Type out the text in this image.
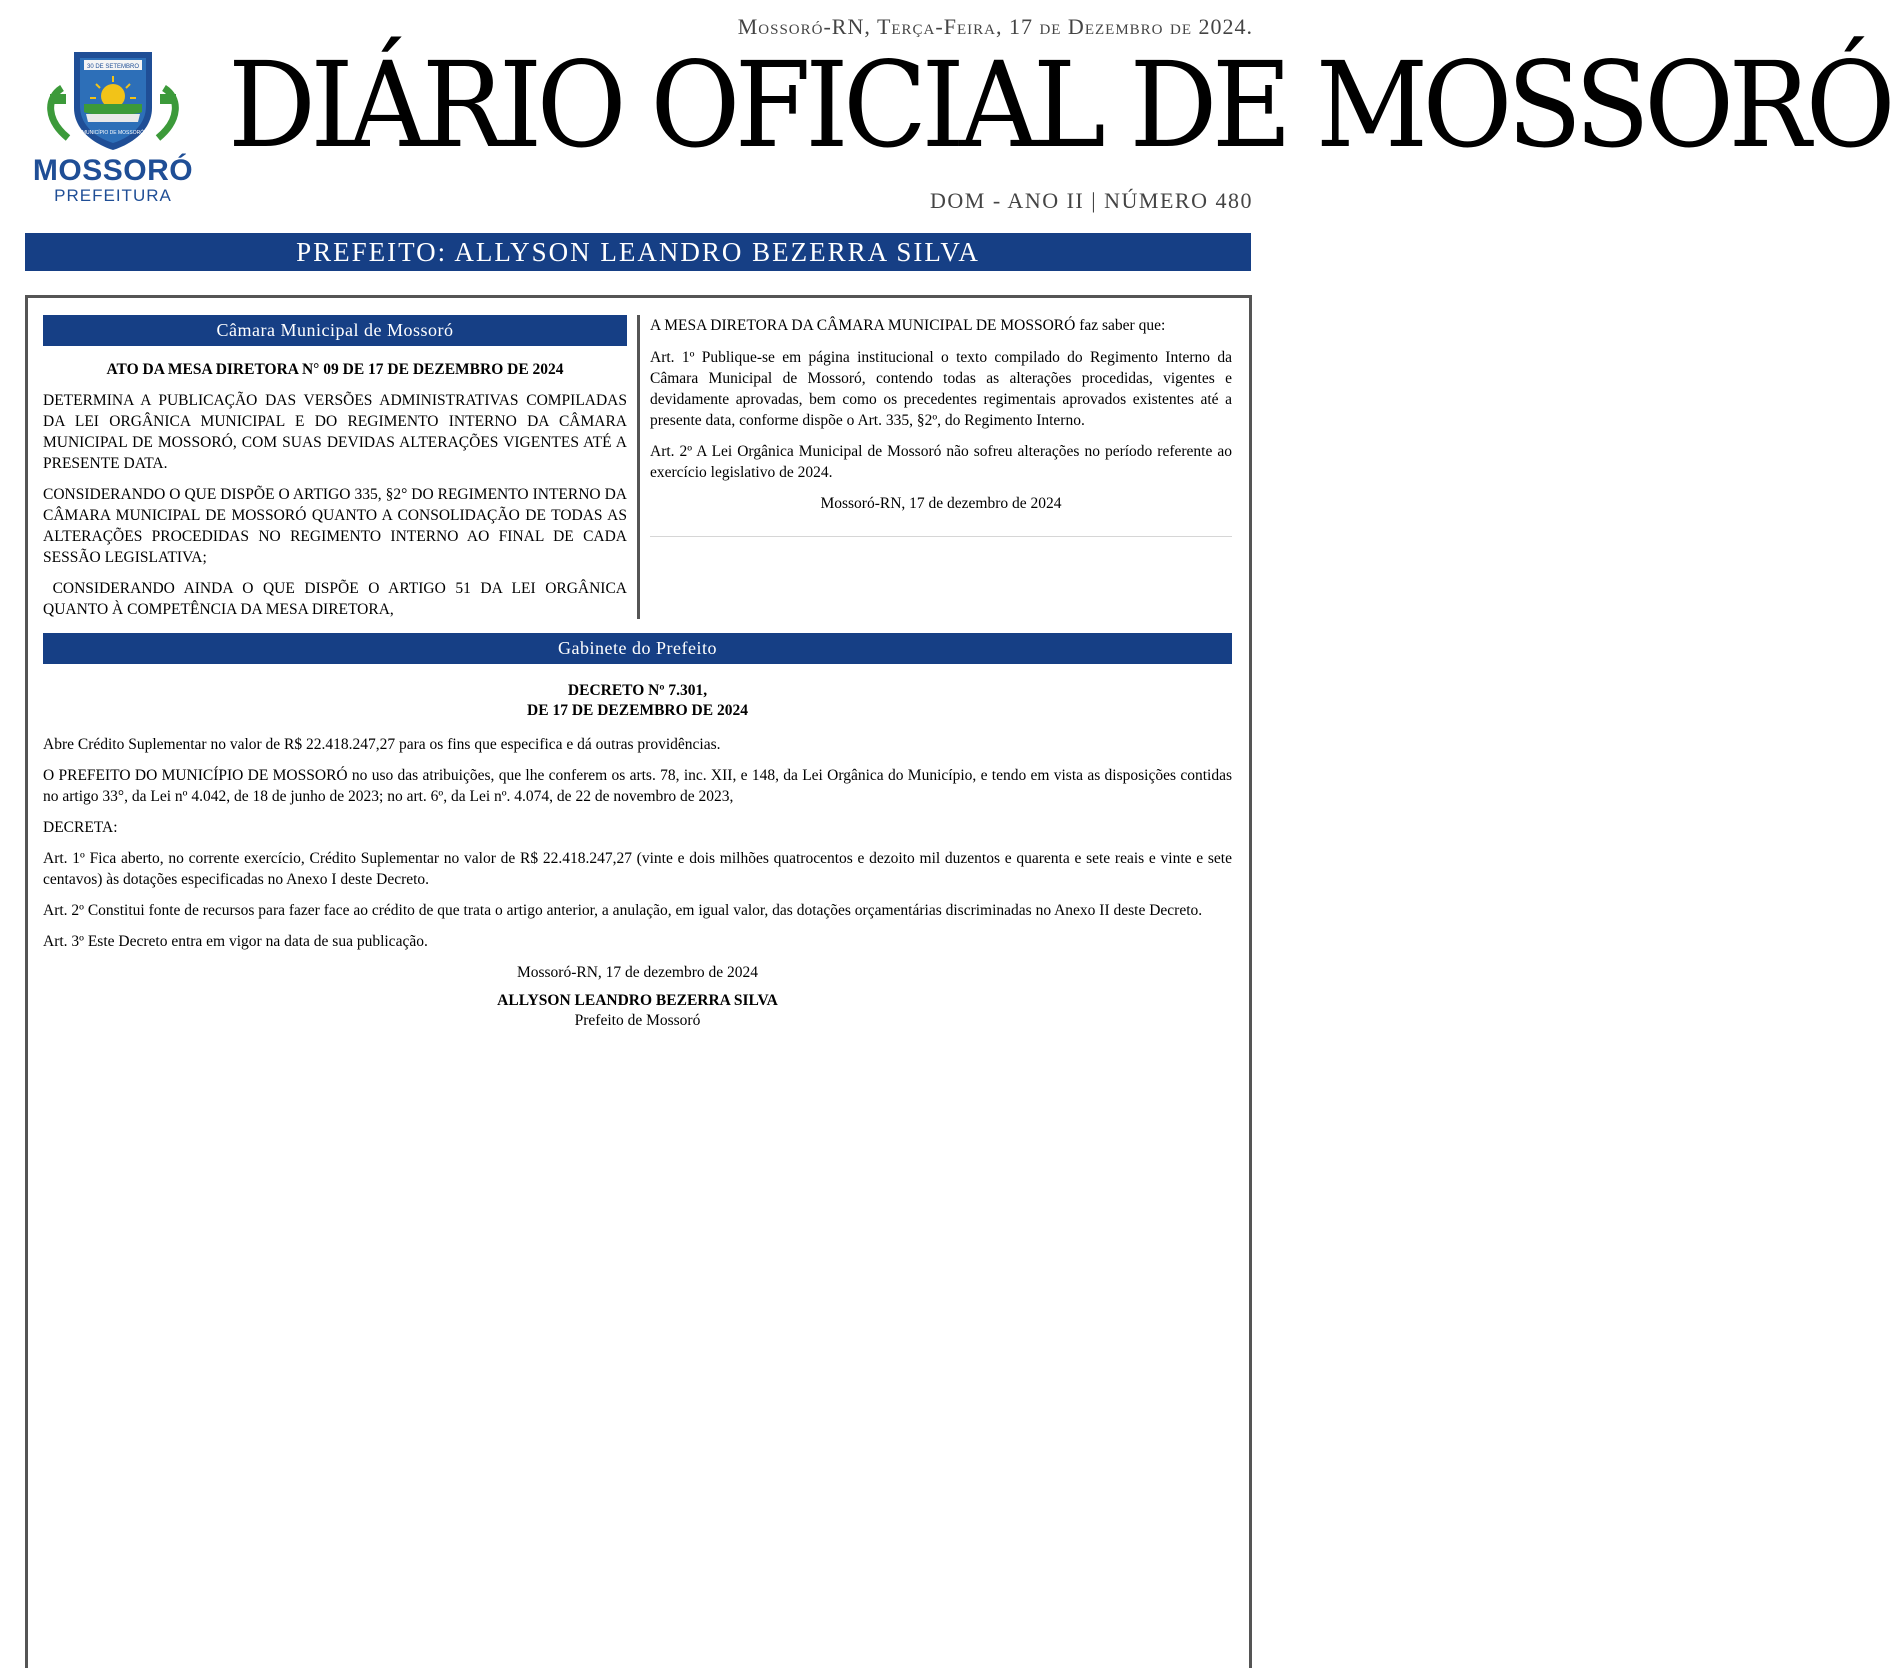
30 DE SETEMBRO
MUNICÍPIO DE MOSSORÓ
MOSSORÓ
PREFEITURA
Mossoró-RN, Terça-Feira, 17 de Dezembro de 2024.
DIÁRIO OFICIAL DE MOSSORÓ
DOM - ANO II | NÚMERO 480
PREFEITO: ALLYSON LEANDRO BEZERRA SILVA
Câmara Municipal de Mossoró

ATO DA MESA DIRETORA N° 09 DE 17 DE DEZEMBRO DE 2024

DETERMINA A PUBLICAÇÃO DAS VERSÕES ADMINISTRATIVAS COMPILADAS DA LEI ORGÂNICA MUNICIPAL E DO REGIMENTO INTERNO DA CÂMARA MUNICIPAL DE MOSSORÓ, COM SUAS DEVIDAS ALTERAÇÕES VIGENTES ATÉ A PRESENTE DATA.

CONSIDERANDO O QUE DISPÕE O ARTIGO 335, §2° DO REGIMENTO INTERNO DA CÂMARA MUNICIPAL DE MOSSORÓ QUANTO A CONSOLIDAÇÃO DE TODAS AS ALTERAÇÕES PROCEDIDAS NO REGIMENTO INTERNO AO FINAL DE CADA SESSÃO LEGISLATIVA;

CONSIDERANDO AINDA O QUE DISPÕE O ARTIGO 51 DA LEI ORGÂNICA QUANTO À COMPETÊNCIA DA MESA DIRETORA,

A MESA DIRETORA DA CÂMARA MUNICIPAL DE MOSSORÓ faz saber que:

Art. 1º Publique-se em página institucional o texto compilado do Regimento Interno da Câmara Municipal de Mossoró, contendo todas as alterações procedidas, vigentes e devidamente aprovadas, bem como os precedentes regimentais aprovados existentes até a presente data, conforme dispõe o Art. 335, §2º, do Regimento Interno.

Art. 2º A Lei Orgânica Municipal de Mossoró não sofreu alterações no período referente ao exercício legislativo de 2024.

Mossoró-RN, 17 de dezembro de 2024

Gabinete do Prefeito

DECRETO Nº 7.301,

DE 17 DE DEZEMBRO DE 2024

Abre Crédito Suplementar no valor de R$ 22.418.247,27 para os fins que especifica e dá outras providências.

O PREFEITO DO MUNICÍPIO DE MOSSORÓ no uso das atribuições, que lhe conferem os arts. 78, inc. XII, e 148, da Lei Orgânica do Município, e tendo em vista as disposições contidas no artigo 33°, da Lei nº 4.042, de 18 de junho de 2023; no art. 6º, da Lei nº. 4.074, de 22 de novembro de 2023,

DECRETA:

Art. 1º Fica aberto, no corrente exercício, Crédito Suplementar no valor de R$ 22.418.247,27 (vinte e dois milhões quatrocentos e dezoito mil duzentos e quarenta e sete reais e vinte e sete centavos) às dotações especificadas no Anexo I deste Decreto.

Art. 2º Constitui fonte de recursos para fazer face ao crédito de que trata o artigo anterior, a anulação, em igual valor, das dotações orçamentárias discriminadas no Anexo II deste Decreto.

Art. 3º Este Decreto entra em vigor na data de sua publicação.

Mossoró-RN, 17 de dezembro de 2024

ALLYSON LEANDRO BEZERRA SILVA

Prefeito de Mossoró
